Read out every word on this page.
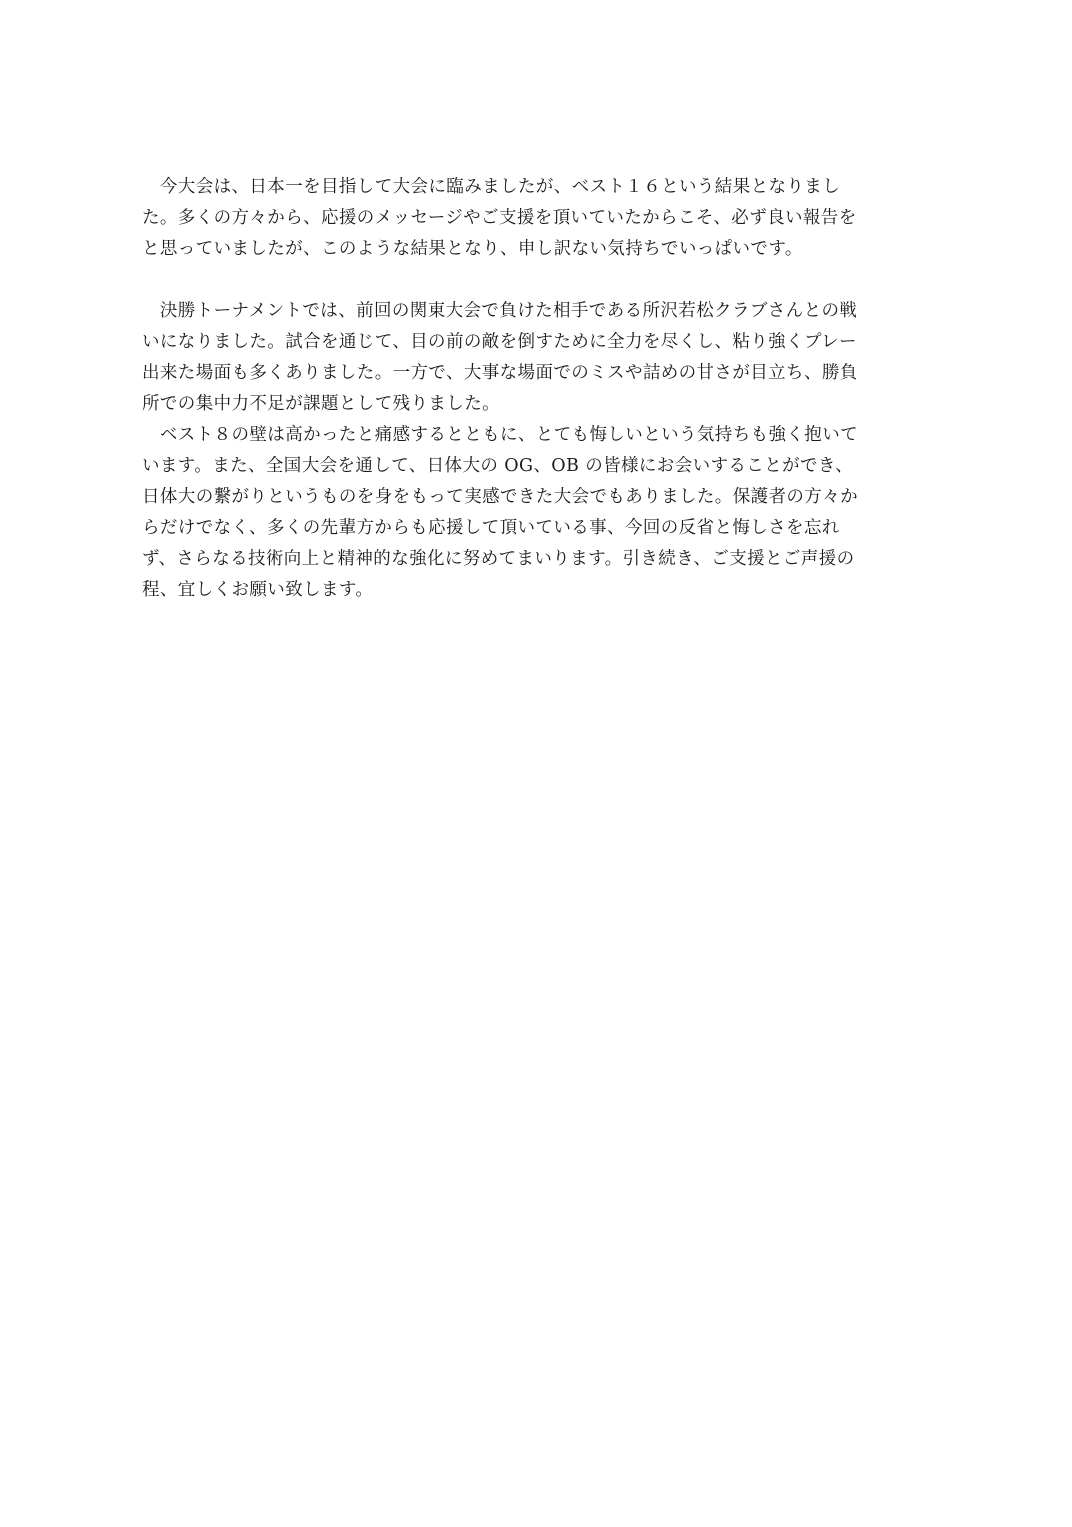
　今大会は、日本一を目指して大会に臨みましたが、ベスト１６という結果となりまし
た。多くの方々から、応援のメッセージやご支援を頂いていたからこそ、必ず良い報告を
と思っていましたが、このような結果となり、申し訳ない気持ちでいっぱいです。
　決勝トーナメントでは、前回の関東大会で負けた相手である所沢若松クラブさんとの戦
いになりました。試合を通じて、目の前の敵を倒すために全力を尽くし、粘り強くプレー
出来た場面も多くありました。一方で、大事な場面でのミスや詰めの甘さが目立ち、勝負
所での集中力不足が課題として残りました。
　ベスト８の壁は高かったと痛感するとともに、とても悔しいという気持ちも強く抱いて
います。また、全国大会を通して、日体大の OG、OB の皆様にお会いすることができ、
日体大の繋がりというものを身をもって実感できた大会でもありました。保護者の方々か
らだけでなく、多くの先輩方からも応援して頂いている事、今回の反省と悔しさを忘れ
ず、さらなる技術向上と精神的な強化に努めてまいります。引き続き、ご支援とご声援の
程、宜しくお願い致します。
